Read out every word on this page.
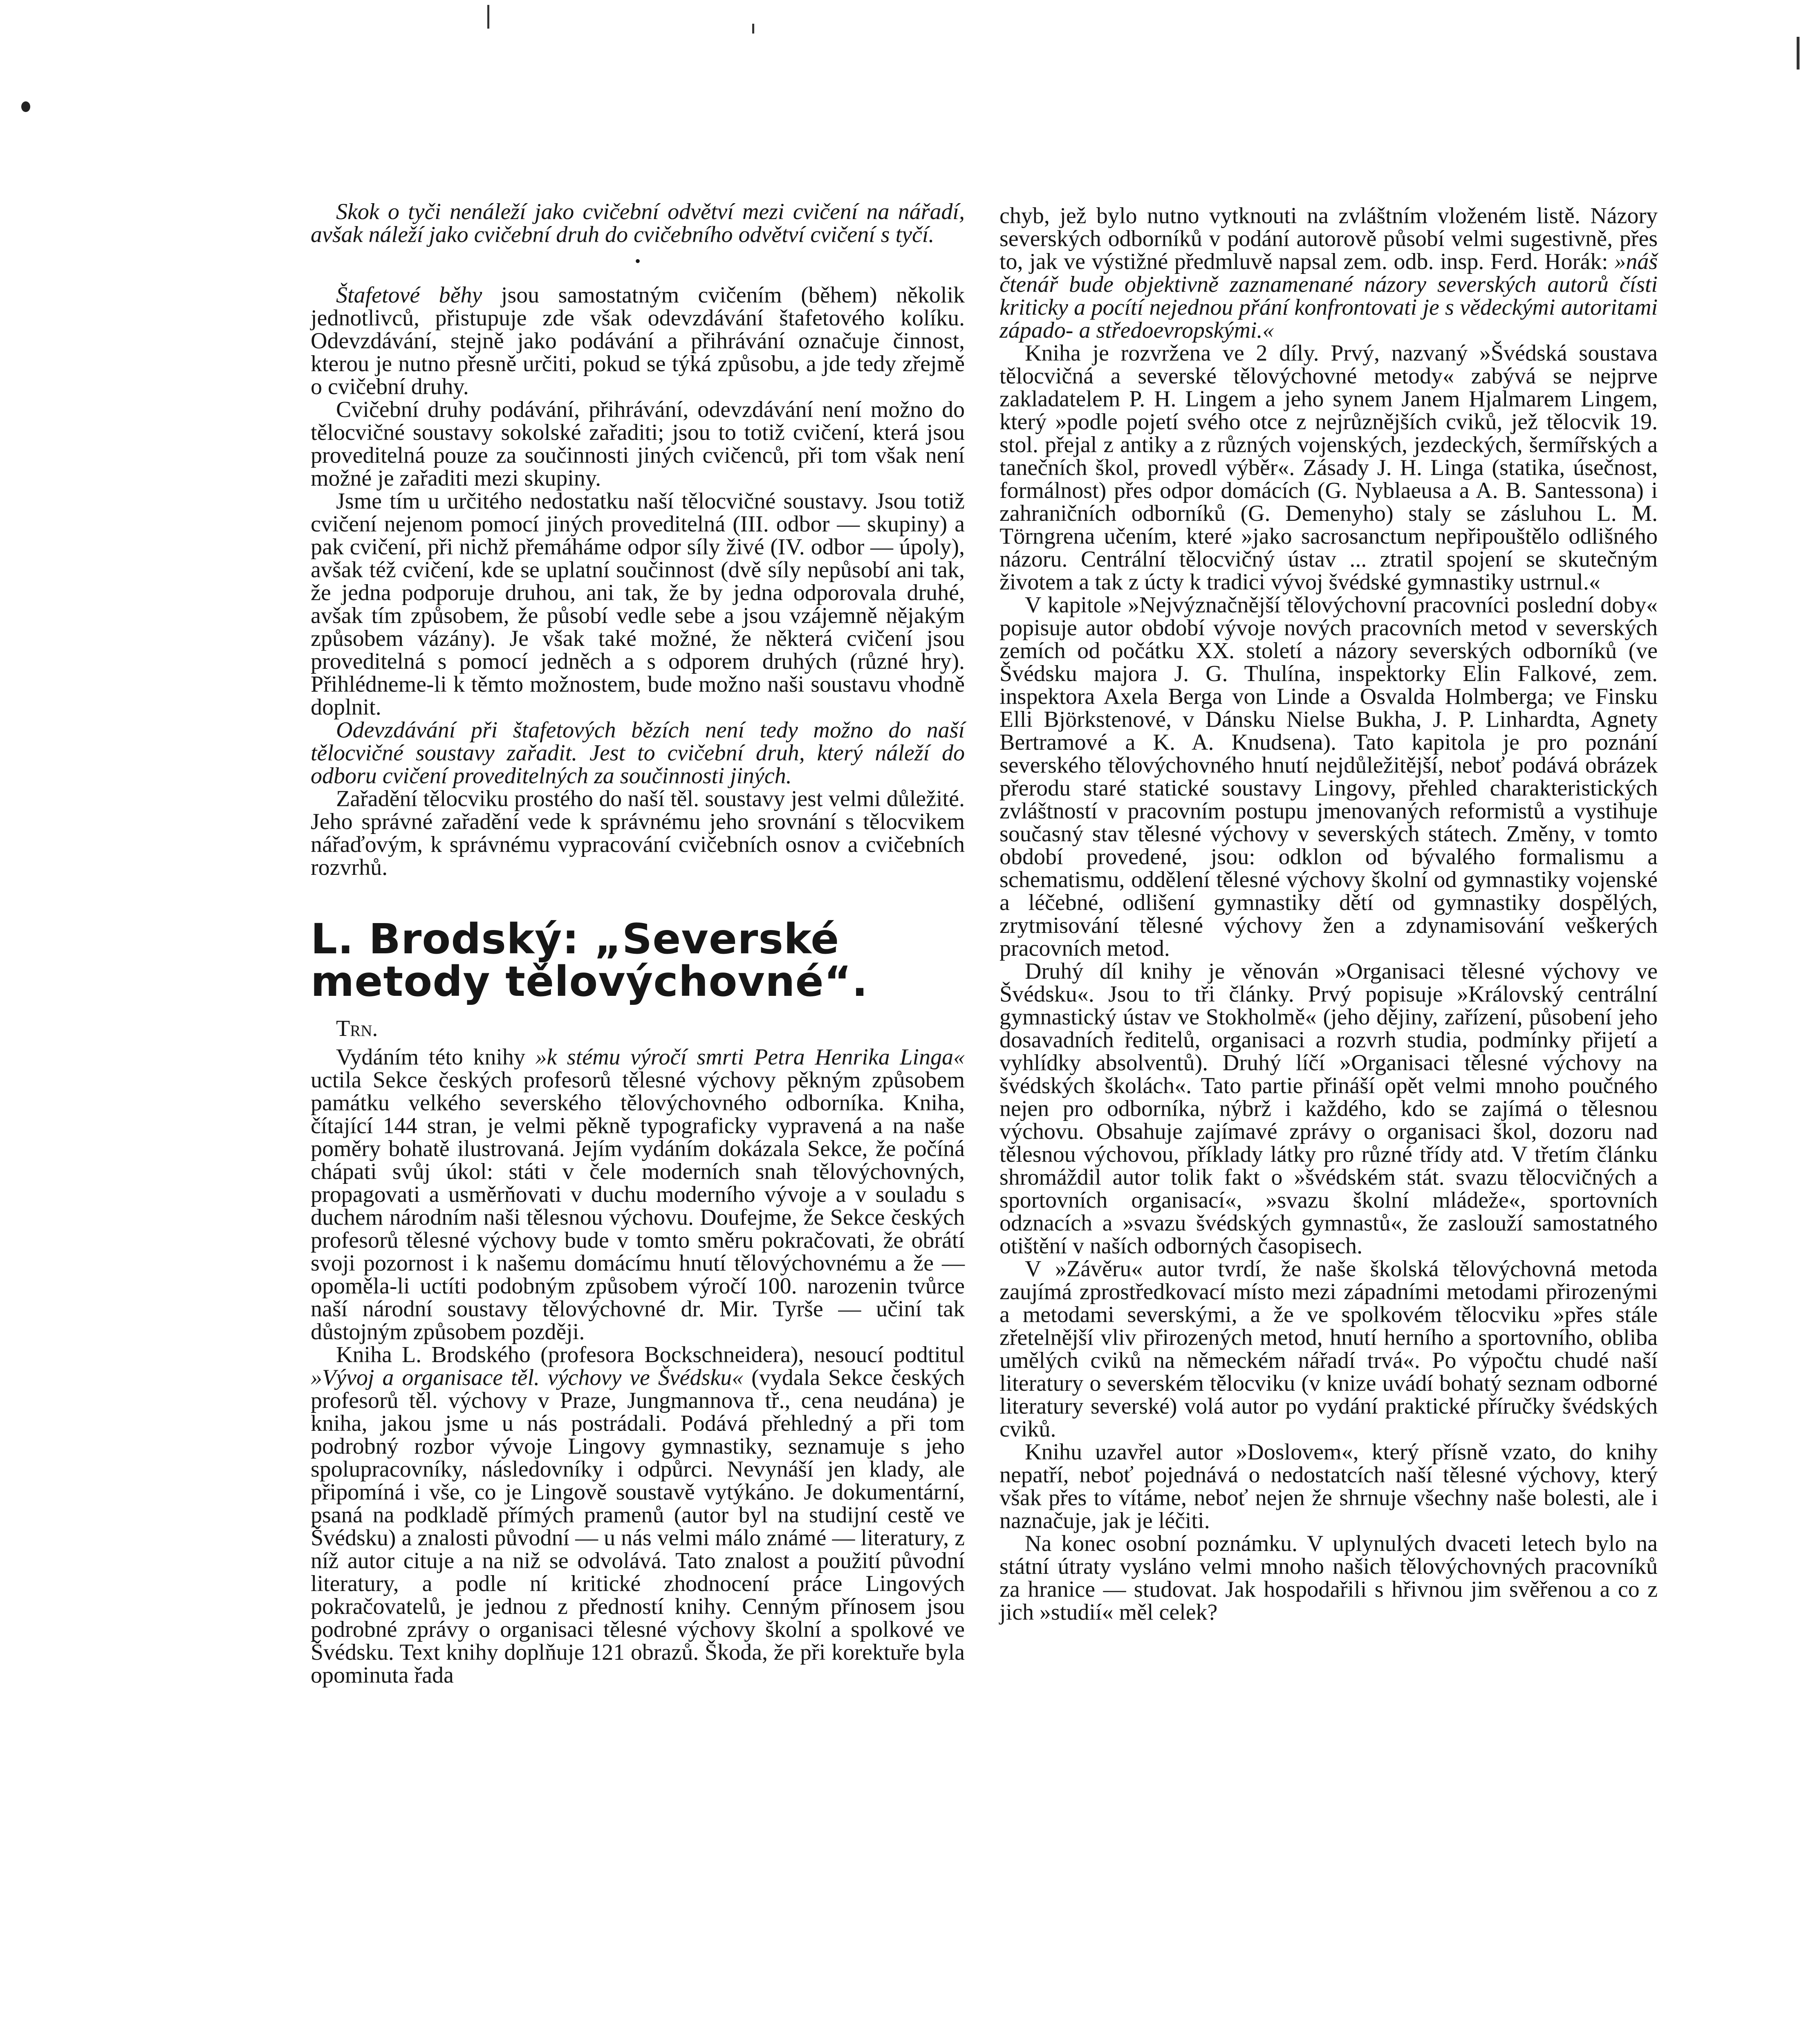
Skok o tyči nenáleží jako cvičební odvětví mezi cvičení na nářadí, avšak náleží jako cvičební druh do cvičebního odvětví cvičení s tyčí.

•

Štafetové běhy jsou samostatným cvičením (během) několik jednotlivců, přistupuje zde však odevzdávání štafetového kolíku. Odevzdávání, stejně jako podávání a přihrávání označuje činnost, kterou je nutno přesně určiti, pokud se týká způsobu, a jde tedy zřejmě o cvičební druhy.

Cvičební druhy podávání, přihrávání, odevzdávání není možno do tělocvičné soustavy sokolské zařaditi; jsou to totiž cvičení, která jsou proveditelná pouze za součinnosti jiných cvičenců, při tom však není možné je zařaditi mezi skupiny.

Jsme tím u určitého nedostatku naší tělocvičné soustavy. Jsou totiž cvičení nejenom pomocí jiných proveditelná (III. odbor — skupiny) a pak cvičení, při nichž přemáháme odpor síly živé (IV. odbor — úpoly), avšak též cvičení, kde se uplatní součinnost (dvě síly nepůsobí ani tak, že jedna podporuje druhou, ani tak, že by jedna odporovala druhé, avšak tím způsobem, že působí vedle sebe a jsou vzájemně nějakým způsobem vázány). Je však také možné, že některá cvičení jsou proveditelná s pomocí jedněch a s odporem druhých (různé hry). Přihlédneme-li k těmto možnostem, bude možno naši soustavu vhodně doplnit.

Odevzdávání při štafetových bězích není tedy možno do naší tělocvičné soustavy zařadit. Jest to cvičební druh, který náleží do odboru cvičení proveditelných za součinnosti jiných.

Zařadění tělocviku prostého do naší těl. soustavy jest velmi důležité. Jeho správné zařadění vede k správnému jeho srovnání s tělocvikem nářaďovým, k správnému vypracování cvičebních osnov a cvičebních rozvrhů.

L. Brodský: „Severské metody tělovýchovné“.

Trn.

Vydáním této knihy »k stému výročí smrti Petra Henrika Linga« uctila Sekce českých profesorů tělesné výchovy pěkným způsobem památku velkého severského tělovýchovného odborníka. Kniha, čítající 144 stran, je velmi pěkně typograficky vypravená a na naše poměry bohatě ilustrovaná. Jejím vydáním dokázala Sekce, že počíná chápati svůj úkol: státi v čele moderních snah tělovýchovných, propagovati a usměrňovati v duchu moderního vývoje a v souladu s duchem národním naši tělesnou výchovu. Doufejme, že Sekce českých profesorů tělesné výchovy bude v tomto směru pokračovati, že obrátí svoji pozornost i k našemu domácímu hnutí tělovýchovnému a že — opoměla-li uctíti podobným způsobem výročí 100. narozenin tvůrce naší národní soustavy tělovýchovné dr. Mir. Tyrše — učiní tak důstojným způsobem později.

Kniha L. Brodského (profesora Bockschneidera), nesoucí podtitul »Vývoj a organisace těl. výchovy ve Švédsku« (vydala Sekce českých profesorů těl. výchovy v Praze, Jungmannova tř., cena neudána) je kniha, jakou jsme u nás postrádali. Podává přehledný a při tom podrobný rozbor vývoje Lingovy gymnastiky, seznamuje s jeho spolupracovníky, následovníky i odpůrci. Nevynáší jen klady, ale připomíná i vše, co je Lingově soustavě vytýkáno. Je dokumentární, psaná na podkladě přímých pramenů (autor byl na studijní cestě ve Švédsku) a znalosti původní — u nás velmi málo známé — literatury, z níž autor cituje a na niž se odvolává. Tato znalost a použití původní literatury, a podle ní kritické zhodnocení práce Lingových pokračovatelů, je jednou z předností knihy. Cenným přínosem jsou podrobné zprávy o organisaci tělesné výchovy školní a spolkové ve Švédsku. Text knihy doplňuje 121 obrazů. Škoda, že při korektuře byla opominuta řada

chyb, jež bylo nutno vytknouti na zvláštním vloženém listě. Názory severských odborníků v podání autorově působí velmi sugestivně, přes to, jak ve výstižné předmluvě napsal zem. odb. insp. Ferd. Horák: »náš čtenář bude objektivně zaznamenané názory severských autorů čísti kriticky a pocítí nejednou přání konfrontovati je s vědeckými autoritami západo- a středoevropskými.«

Kniha je rozvržena ve 2 díly. Prvý, nazvaný »Švédská soustava tělocvičná a severské tělovýchovné metody« zabývá se nejprve zakladatelem P. H. Lingem a jeho synem Janem Hjalmarem Lingem, který »podle pojetí svého otce z nejrůznějších cviků, jež tělocvik 19. stol. přejal z antiky a z různých vojenských, jezdeckých, šermířských a tanečních škol, provedl výběr«. Zásady J. H. Linga (statika, úsečnost, formálnost) přes odpor domácích (G. Nyblaeusa a A. B. Santessona) i zahraničních odborníků (G. Demenyho) staly se zásluhou L. M. Törngrena učením, které »jako sacrosanctum nepřipouštělo odlišného názoru. Centrální tělocvičný ústav ... ztratil spojení se skutečným životem a tak z úcty k tradici vývoj švédské gymnastiky ustrnul.«

V kapitole »Nejvýznačnější tělovýchovní pracovníci poslední doby« popisuje autor období vývoje nových pracovních metod v severských zemích od počátku XX. století a názory severských odborníků (ve Švédsku majora J. G. Thulína, inspektorky Elin Falkové, zem. inspektora Axela Berga von Linde a Osvalda Holmberga; ve Finsku Elli Björkstenové, v Dánsku Nielse Bukha, J. P. Linhardta, Agnety Bertramové a K. A. Knudsena). Tato kapitola je pro poznání severského tělovýchovného hnutí nejdůležitější, neboť podává obrázek přerodu staré statické soustavy Lingovy, přehled charakteristických zvláštností v pracovním postupu jmenovaných reformistů a vystihuje současný stav tělesné výchovy v severských státech. Změny, v tomto období provedené, jsou: odklon od bývalého formalismu a schematismu, oddělení tělesné výchovy školní od gymnastiky vojenské a léčebné, odlišení gymnastiky dětí od gymnastiky dospělých, zrytmisování tělesné výchovy žen a zdynamisování veškerých pracovních metod.

Druhý díl knihy je věnován »Organisaci tělesné výchovy ve Švédsku«. Jsou to tři články. Prvý popisuje »Královský centrální gymnastický ústav ve Stokholmě« (jeho dějiny, zařízení, působení jeho dosavadních ředitelů, organisaci a rozvrh studia, podmínky přijetí a vyhlídky absolventů). Druhý líčí »Organisaci tělesné výchovy na švédských školách«. Tato partie přináší opět velmi mnoho poučného nejen pro odborníka, nýbrž i každého, kdo se zajímá o tělesnou výchovu. Obsahuje zajímavé zprávy o organisaci škol, dozoru nad tělesnou výchovou, příklady látky pro různé třídy atd. V třetím článku shromáždil autor tolik fakt o »švédském stát. svazu tělocvičných a sportovních organisací«, »svazu školní mládeže«, sportovních odznacích a »svazu švédských gymnastů«, že zaslouží samostatného otištění v naších odborných časopisech.

V »Závěru« autor tvrdí, že naše školská tělovýchovná metoda zaujímá zprostředkovací místo mezi západními metodami přirozenými a metodami severskými, a že ve spolkovém tělocviku »přes stále zřetelnější vliv přirozených metod, hnutí herního a sportovního, obliba umělých cviků na německém nářadí trvá«. Po výpočtu chudé naší literatury o severském tělocviku (v knize uvádí bohatý seznam odborné literatury severské) volá autor po vydání praktické příručky švédských cviků.

Knihu uzavřel autor »Doslovem«, který přísně vzato, do knihy nepatří, neboť pojednává o nedostatcích naší tělesné výchovy, který však přes to vítáme, neboť nejen že shrnuje všechny naše bolesti, ale i naznačuje, jak je léčiti.

Na konec osobní poznámku. V uplynulých dvaceti letech bylo na státní útraty vysláno velmi mnoho našich tělovýchovných pracovníků za hranice — studovat. Jak hospodařili s hřivnou jim svěřenou a co z jich »studií« měl celek?
